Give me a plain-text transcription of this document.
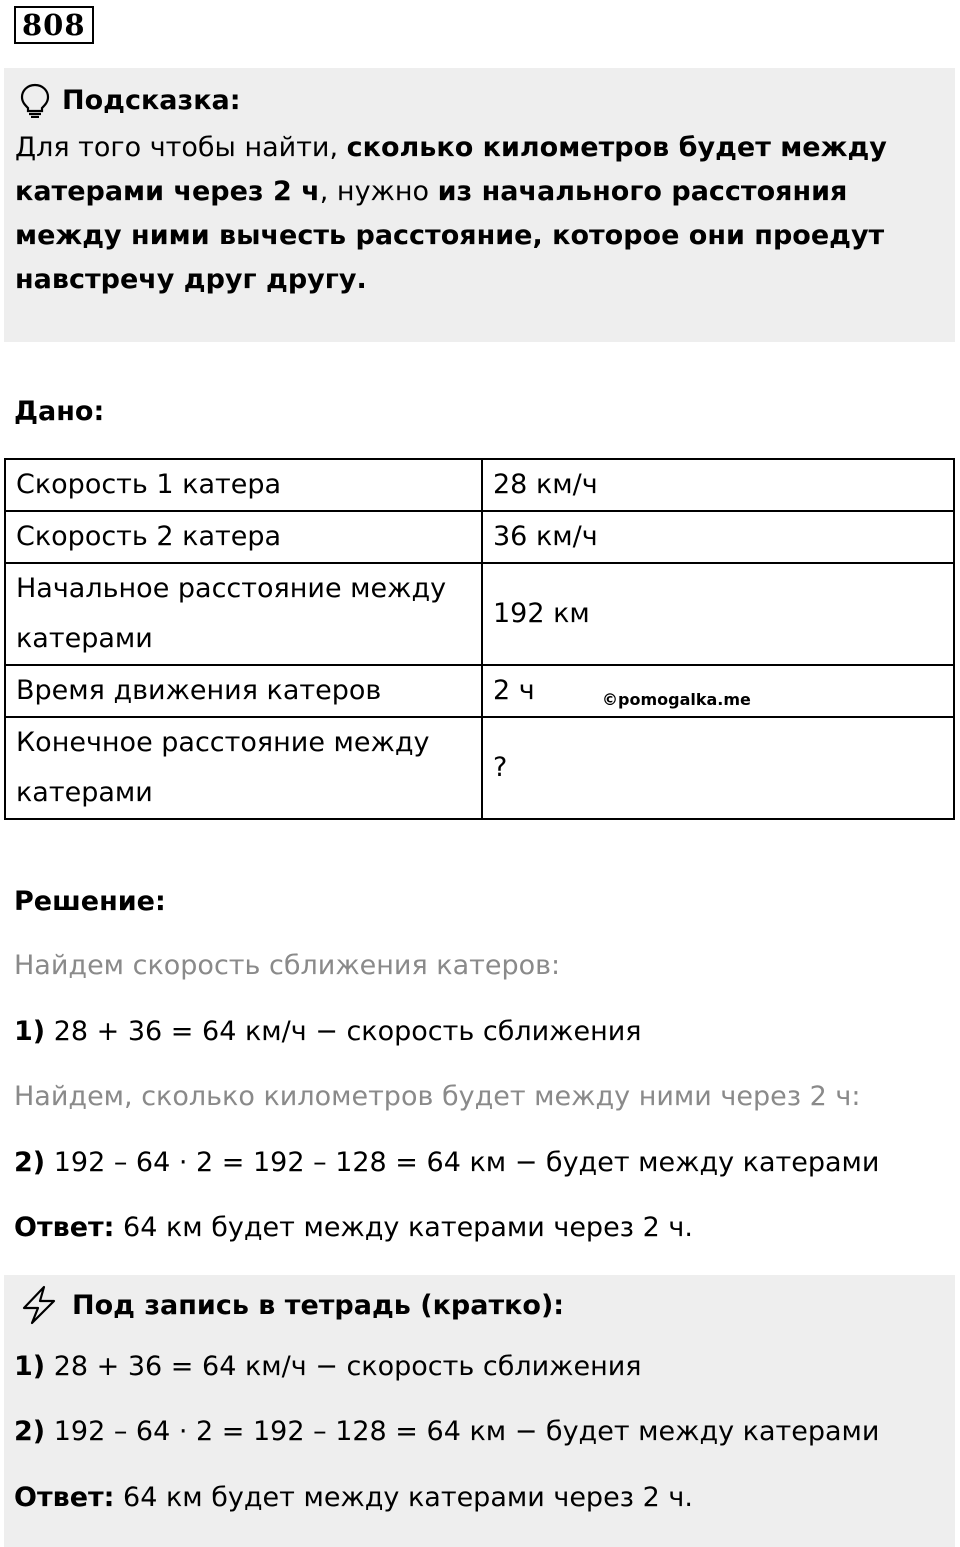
808
Подсказка:
Для того чтобы найти, сколько километров будет между катерами через 2 ч, нужно из начального расстояния между ними вычесть расстояние, которое они проедут навстречу друг другу.
Дано:
Скорость 1 катера	28 км/ч
Скорость 2 катера	36 км/ч
Начальное расстояние между катерами	192 км
Время движения катеров	2 ч
Конечное расстояние между катерами	?
©pomogalka.me
Решение:
Найдем скорость сближения катеров:
1) 28 + 36 = 64 км/ч − скорость сближения
Найдем, сколько километров будет между ними через 2 ч:
2) 192 – 64 · 2 = 192 – 128 = 64 км − будет между катерами
Ответ: 64 км будет между катерами через 2 ч.
Под запись в тетрадь (кратко):
1) 28 + 36 = 64 км/ч − скорость сближения
2) 192 – 64 · 2 = 192 – 128 = 64 км − будет между катерами
Ответ: 64 км будет между катерами через 2 ч.
